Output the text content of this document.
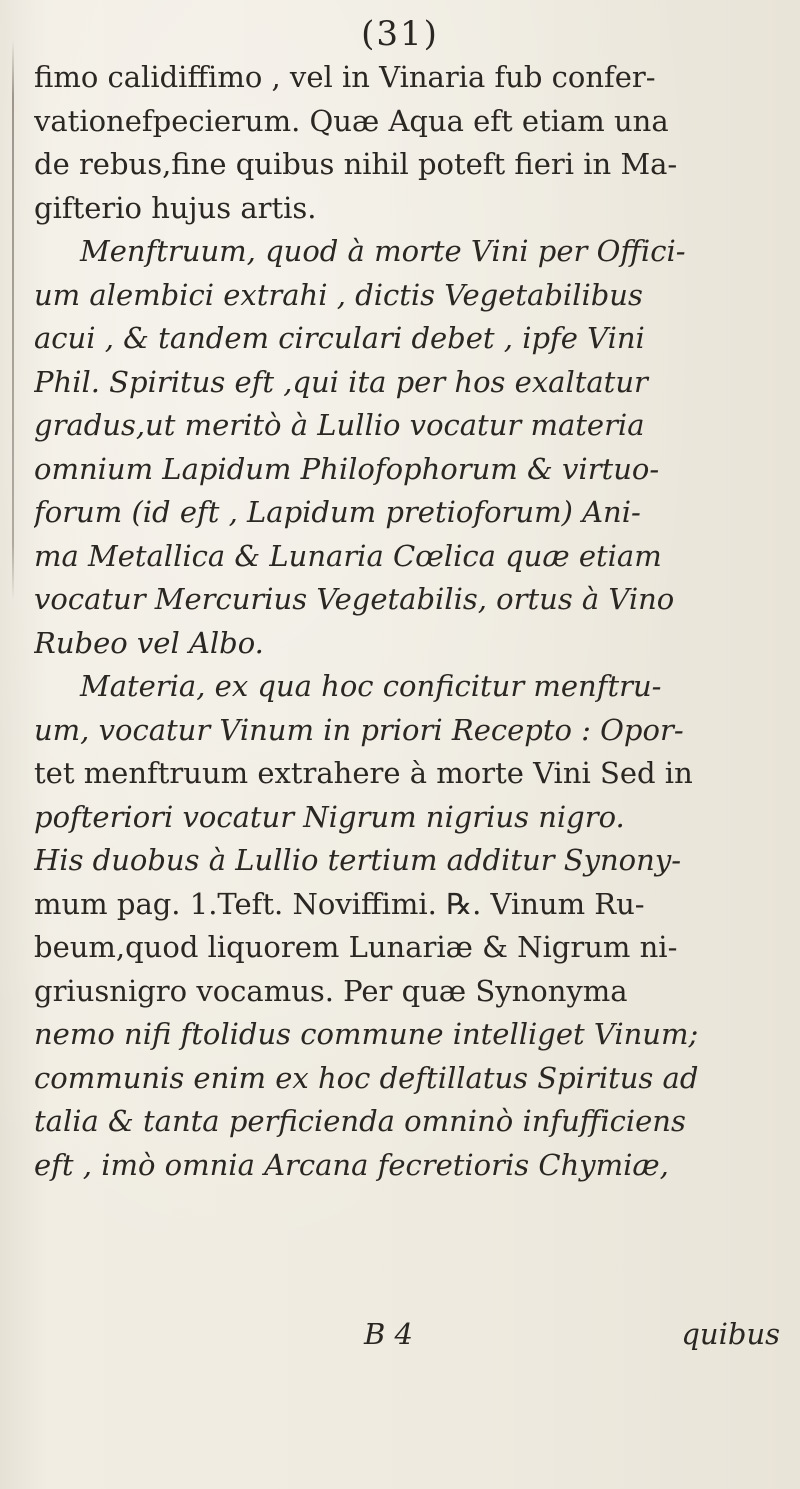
(31)
fimo calidiffimo , vel in Vinaria fub confer-
vationefpecierum. Quæ Aqua eft etiam una
de rebus,fine quibus nihil poteft fieri in Ma-
gifterio hujus artis.
Menftruum, quod à morte Vini per Offici-
um alembici extrahi , dictis Vegetabilibus
acui , & tandem circulari debet , ipfe Vini
Phil. Spiritus eft ,qui ita per hos exaltatur
gradus,ut meritò à Lullio vocatur materia
omnium Lapidum Philofophorum & virtuo-
forum (id eft , Lapidum pretioforum) Ani-
ma Metallica & Lunaria Cœlica quæ etiam
vocatur Mercurius Vegetabilis, ortus à Vino
Rubeo vel Albo.
Materia, ex qua hoc conficitur menftru-
um, vocatur Vinum in priori Recepto : Opor-
tet menftruum extrahere à morte Vini Sed in
pofteriori vocatur Nigrum nigrius nigro.
His duobus à Lullio tertium additur Synony-
mum pag. 1.Teft. Noviffimi. ℞. Vinum Ru-
beum,quod liquorem Lunariæ & Nigrum ni-
griusnigro vocamus. Per quæ Synonyma
nemo nifi ftolidus commune intelliget Vinum;
communis enim ex hoc deftillatus Spiritus ad
talia & tanta perficienda omninò infufficiens
eft , imò omnia Arcana fecretioris Chymiæ,
B 4	quibus
